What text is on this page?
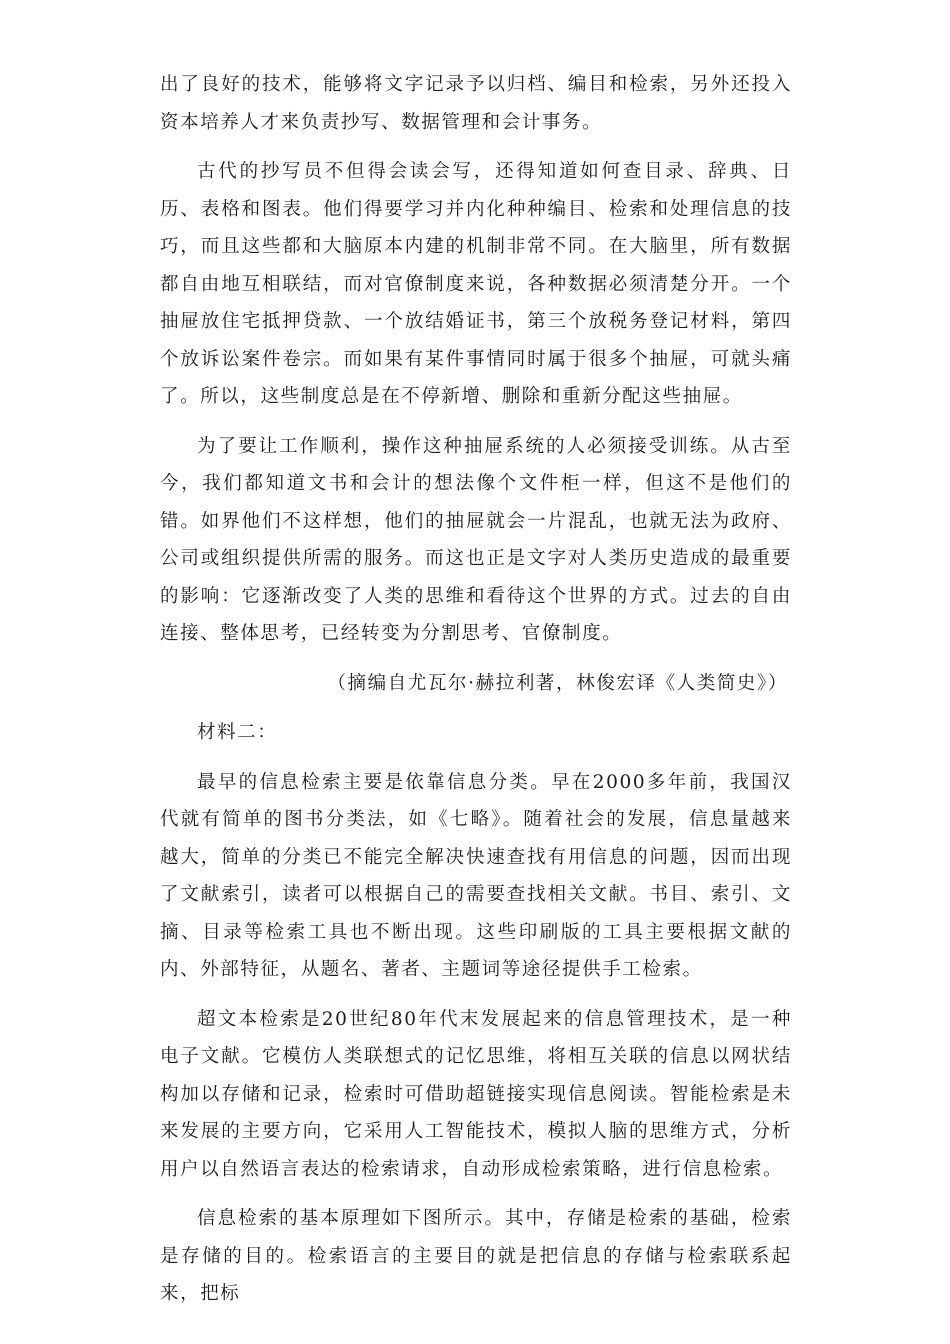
出了良好的技术，能够将文字记录予以归档、编目和检索，另外还投入资本培养人才来负责抄写、数据管理和会计事务。

古代的抄写员不但得会读会写，还得知道如何查目录、辞典、日历、表格和图表。他们得要学习并内化种种编目、检索和处理信息的技巧，而且这些都和大脑原本内建的机制非常不同。在大脑里，所有数据都自由地互相联结，而对官僚制度来说，各种数据必须清楚分开。一个抽屉放住宅抵押贷款、一个放结婚证书，第三个放税务登记材料，第四个放诉讼案件卷宗。而如果有某件事情同时属于很多个抽屉，可就头痛了。所以，这些制度总是在不停新增、删除和重新分配这些抽屉。

为了要让工作顺利，操作这种抽屉系统的人必须接受训练。从古至今，我们都知道文书和会计的想法像个文件柜一样，但这不是他们的错。如界他们不这样想，他们的抽屉就会一片混乱，也就无法为政府、公司或组织提供所需的服务。而这也正是文字对人类历史造成的最重要的影响：它逐渐改变了人类的思维和看待这个世界的方式。过去的自由连接、整体思考，已经转变为分割思考、官僚制度。

（摘编自尤瓦尔·赫拉利著，林俊宏译《人类简史》）

材料二：

最早的信息检索主要是依靠信息分类。早在2000多年前，我国汉代就有简单的图书分类法，如《七略》。随着社会的发展，信息量越来越大，简单的分类已不能完全解决快速查找有用信息的问题，因而出现了文献索引，读者可以根据自己的需要查找相关文献。书目、索引、文摘、目录等检索工具也不断出现。这些印刷版的工具主要根据文献的内、外部特征，从题名、著者、主题词等途径提供手工检索。

超文本检索是20世纪80年代末发展起来的信息管理技术，是一种电子文献。它模仿人类联想式的记忆思维，将相互关联的信息以网状结构加以存储和记录，检索时可借助超链接实现信息阅读。智能检索是未来发展的主要方向，它采用人工智能技术，模拟人脑的思维方式，分析用户以自然语言表达的检索请求，自动形成检索策略，进行信息检索。

信息检索的基本原理如下图所示。其中，存储是检索的基础，检索是存储的目的。检索语言的主要目的就是把信息的存储与检索联系起来，把标
